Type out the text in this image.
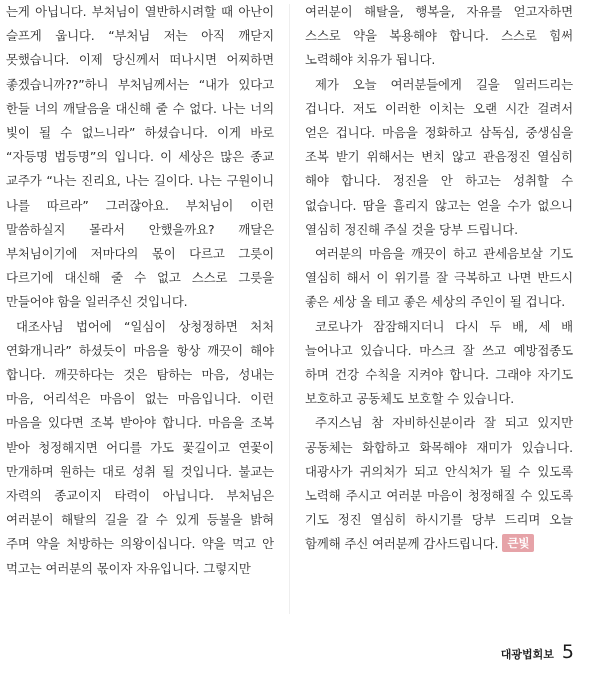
는게 아닙니다. 부처님이 열반하시려할 때 아난이 슬프게 웁니다. “부처님 저는 아직 깨닫지 못했습니다. 이제 당신께서 떠나시면 어찌하면 좋겠습니까??”하니 부처님께서는 “내가 있다고 한들 너의 깨달음을 대신해 줄 수 없다. 나는 너의 빛이 될 수 없느니라” 하셨습니다. 이게 바로 “자등명 법등명”의 입니다. 이 세상은 많은 종교 교주가 “나는 진리요, 나는 길이다. 나는 구원이니 나를 따르라” 그러잖아요. 부처님이 이런 말씀하실지 몰라서 안했을까요? 깨달은 부처님이기에 저마다의 몫이 다르고 그릇이 다르기에 대신해 줄 수 없고 스스로 그릇을 만들어야 함을 일러주신 것입니다.

대조사님 법어에 “일심이 상청정하면 처처 연화개니라” 하셨듯이 마음을 항상 깨끗이 해야 합니다. 깨끗하다는 것은 탐하는 마음, 성내는 마음, 어리석은 마음이 없는 마음입니다. 이런 마음을 있다면 조복 받아야 합니다. 마음을 조복 받아 청정해지면 어디를 가도 꽃길이고 연꽃이 만개하며 원하는 대로 성취 될 것입니다. 불교는 자력의 종교이지 타력이 아닙니다. 부처님은 여러분이 해탈의 길을 갈 수 있게 등불을 밝혀 주며 약을 처방하는 의왕이십니다. 약을 먹고 안 먹고는 여러분의 몫이자 자유입니다. 그렇지만

여러분이 해탈을, 행복을, 자유를 얻고자하면 스스로 약을 복용해야 합니다. 스스로 힘써 노력해야 치유가 됩니다.

제가 오늘 여러분들에게 길을 일러드리는 겁니다. 저도 이러한 이치는 오랜 시간 걸려서 얻은 겁니다. 마음을 정화하고 삼독심, 중생심을 조복 받기 위해서는 변치 않고 관음정진 열심히 해야 합니다. 정진을 안 하고는 성취할 수 없습니다. 땀을 흘리지 않고는 얻을 수가 없으니 열심히 정진해 주실 것을 당부 드립니다.

여러분의 마음을 깨끗이 하고 관세음보살 기도 열심히 해서 이 위기를 잘 극복하고 나면 반드시 좋은 세상 올 테고 좋은 세상의 주인이 될 겁니다.

코로나가 잠잠해지더니 다시 두 배, 세 배 늘어나고 있습니다. 마스크 잘 쓰고 예방접종도 하며 건강 수칙을 지켜야 합니다. 그래야 자기도 보호하고 공동체도 보호할 수 있습니다.

주지스님 참 자비하신분이라 잘 되고 있지만 공동체는 화합하고 화목해야 재미가 있습니다. 대광사가 귀의처가 되고 안식처가 될 수 있도록 노력해 주시고 여러분 마음이 청정해질 수 있도록 기도 정진 열심히 하시기를 당부 드리며 오늘 함께해 주신 여러분께 감사드립니다. 큰빛

대광법회보 5
